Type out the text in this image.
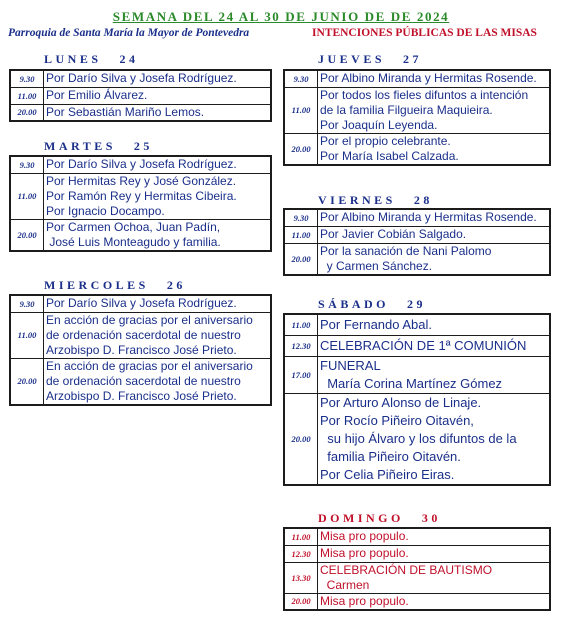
SEMANA DEL 24 AL 30 DE JUNIO DE DE 2024
Parroquia de Santa María la Mayor de Pontevedra	INTENCIONES PÚBLICAS DE LAS MISAS
LUNES 24
9.30	Por Darío Silva y Josefa Rodríguez.

11.00	Por Emilio Álvarez.

20.00	Por Sebastián Mariño Lemos.
MARTES 25
9.30	Por Darío Silva y Josefa Rodríguez.

11.00	Por Hermitas Rey y José González.
Por Ramón Rey y Hermitas Cibeira.
Por Ignacio Docampo.

20.00	Por Carmen Ochoa, Juan Padín,
José Luis Monteagudo y familia.
MIERCOLES 26
9.30	Por Darío Silva y Josefa Rodríguez.

11.00	En acción de gracias por el aniversario
de ordenación sacerdotal de nuestro
Arzobispo D. Francisco José Prieto.

20.00	En acción de gracias por el aniversario
de ordenación sacerdotal de nuestro
Arzobispo D. Francisco José Prieto.
JUEVES 27
9.30	Por Albino Miranda y Hermitas Rosende.

11.00	Por todos los fieles difuntos a intención
de la familia Filgueira Maquieira.
Por Joaquín Leyenda.

20.00	Por el propio celebrante.
Por María Isabel Calzada.
VIERNES 28
9.30	Por Albino Miranda y Hermitas Rosende.

11.00	Por Javier Cobián Salgado.

20.00	Por la sanación de Nani Palomo
y Carmen Sánchez.
SÁBADO 29
11.00	Por Fernando Abal.

12.30	CELEBRACIÓN DE 1ª COMUNIÓN

17.00	FUNERAL
María Corina Martínez Gómez

20.00	Por Arturo Alonso de Linaje.
Por Rocío Piñeiro Oitavén,
su hijo Álvaro y los difuntos de la
familia Piñeiro Oitavén.
Por Celia Piñeiro Eiras.
DOMINGO 30
11.00	Misa pro populo.

12.30	Misa pro populo.

13.30	CELEBRACIÓN DE BAUTISMO
Carmen

20.00	Misa pro populo.
